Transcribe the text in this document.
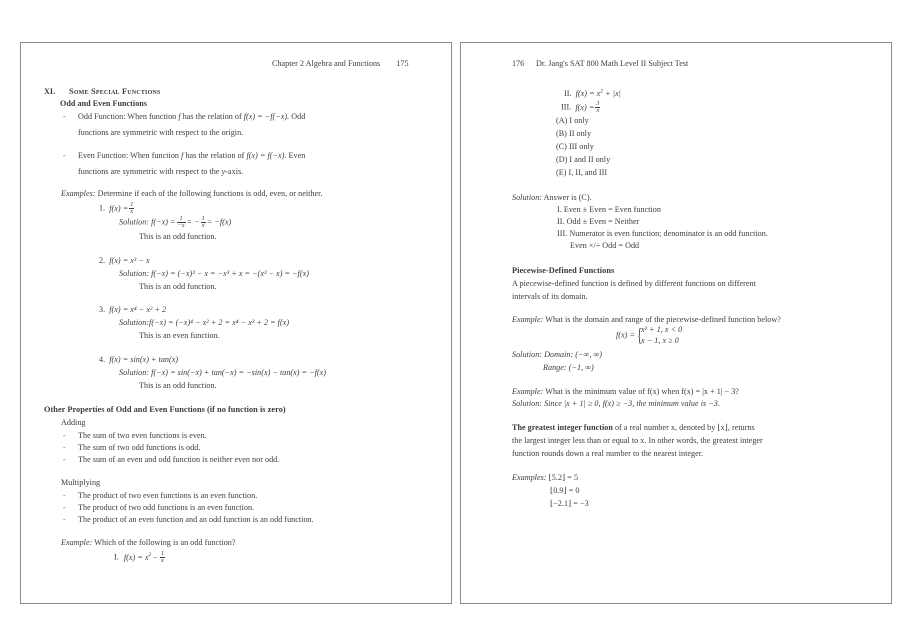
Chapter 2 Algebra and Functions 175
XI. Some Special Functions
Odd and Even Functions
- Odd Function: When function f has the relation of f(x) = −f(−x). Odd
functions are symmetric with respect to the origin.
- Even Function: When function f has the relation of f(x) = f(−x). Even
functions are symmetric with respect to the y-axis.
Examples: Determine if each of the following functions is odd, even, or neither.
1. $f(x) = \frac{1}{x}$
Solution: $f(-x) = \frac{1}{-x}$ = − $\frac{1}{x} = -f(x)$
This is an odd function.
2. f(x) = x³ − x
Solution: f(−x) = (−x)³ − x = −x³ + x = −(x³ − x) = −f(x)
This is an odd function.
3. f(x) = x⁴ − x² + 2
Solution:f(−x) = (−x)⁴ − x² + 2 = x⁴ − x² + 2 = f(x)
This is an even function.
4. f(x) = sin(x) + tan(x)
Solution: f(−x) = sin(−x) + tan(−x) = −sin(x) − tan(x) = −f(x)
This is an odd function.
Other Properties of Odd and Even Functions (if no function is zero)
Adding
- The sum of two even functions is even.
- The sum of two odd functions is odd.
- The sum of an even and odd function is neither even nor odd.
Multiplying
- The product of two even functions is an even function.
- The product of two odd functions is an even function.
- The product of an even function and an odd function is an odd function.
Example: Which of the following is an odd function?
I. $f(x) = x^2- \frac{1}{x}$
176 Dr. Jang's SAT 800 Math Level II Subject Test
II. $f(x) = x^2 + |x|$
III. $f(x) = \frac{3}{x}$
(A) I only
(B) II only
(C) III only
(D) I and II only
(E) I, II, and III
Solution: Answer is (C).
I. Even ± Even = Even function
II. Odd ± Even = Neither
III. Numerator is even function; denominator is an odd function.
Even ×/÷ Odd = Odd
Piecewise-Defined Functions
A piecewise-defined function is defined by different functions on different
intervals of its domain.
Example: What is the domain and range of the piecewise-defined function below?
f(x) = {
x² + 1, x < 0
x − 1, x ≥ 0
Solution: Domain: (−∞, ∞)
Range: (−1, ∞)
Example: What is the minimum value of f(x) when f(x) = |x + 1| − 3?
Solution: Since |x + 1| ≥ 0, f(x) ≥ −3, the minimum value is −3.
The greatest integer function of a real number x, denoted by ⌊x⌋, returns
the largest integer less than or equal to x. In other words, the greatest integer
function rounds down a real number to the nearest integer.
Examples: ⌊5.2⌋ = 5
⌊0.9⌋ = 0
⌊−2.1⌋ = −3
